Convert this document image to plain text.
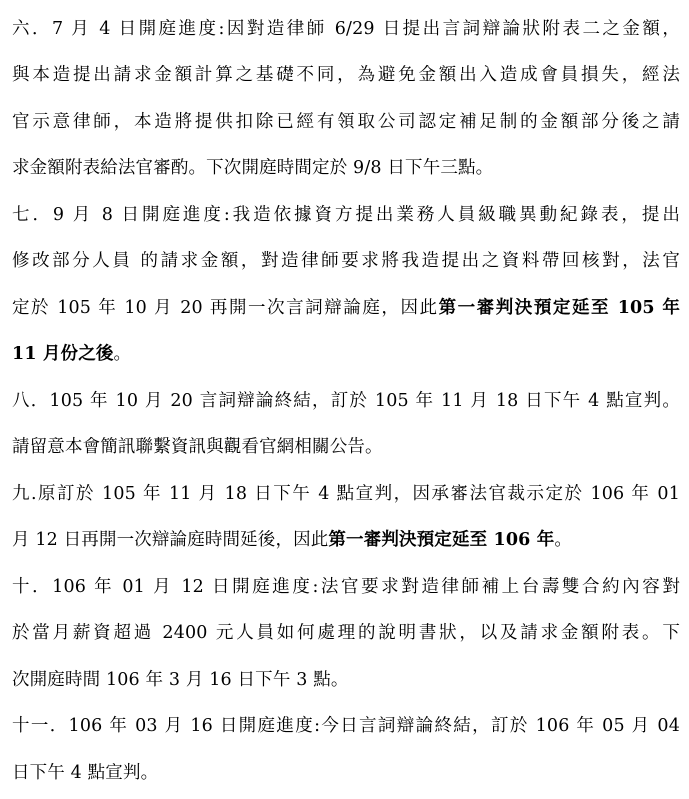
六．7 月 4 日開庭進度:因對造律師 6/29 日提出言詞辯論狀附表二之金額，
與本造提出請求金額計算之基礎不同，為避免金額出入造成會員損失，經法
官示意律師，本造將提供扣除已經有領取公司認定補足制的金額部分後之請
求金額附表給法官審酌。下次開庭時間定於 9/8 日下午三點。
七．9 月 8 日開庭進度:我造依據資方提出業務人員級職異動紀錄表，提出
修改部分人員 的請求金額，對造律師要求將我造提出之資料帶回核對，法官
定於 105 年 10 月 20 再開一次言詞辯論庭，因此第一審判決預定延至 105 年
11 月份之後。
八．105 年 10 月 20 言詞辯論終結，訂於 105 年 11 月 18 日下午 4 點宣判。
請留意本會簡訊聯繫資訊與觀看官網相關公告。
九.原訂於 105 年 11 月 18 日下午 4 點宣判，因承審法官裁示定於 106 年 01
月 12 日再開一次辯論庭時間延後，因此第一審判決預定延至 106 年。
十．106 年 01 月 12 日開庭進度:法官要求對造律師補上台壽雙合約內容對
於當月薪資超過 2400 元人員如何處理的說明書狀，以及請求金額附表。下
次開庭時間 106 年 3 月 16 日下午 3 點。
十一．106 年 03 月 16 日開庭進度:今日言詞辯論終結，訂於 106 年 05 月 04
日下午 4 點宣判。
